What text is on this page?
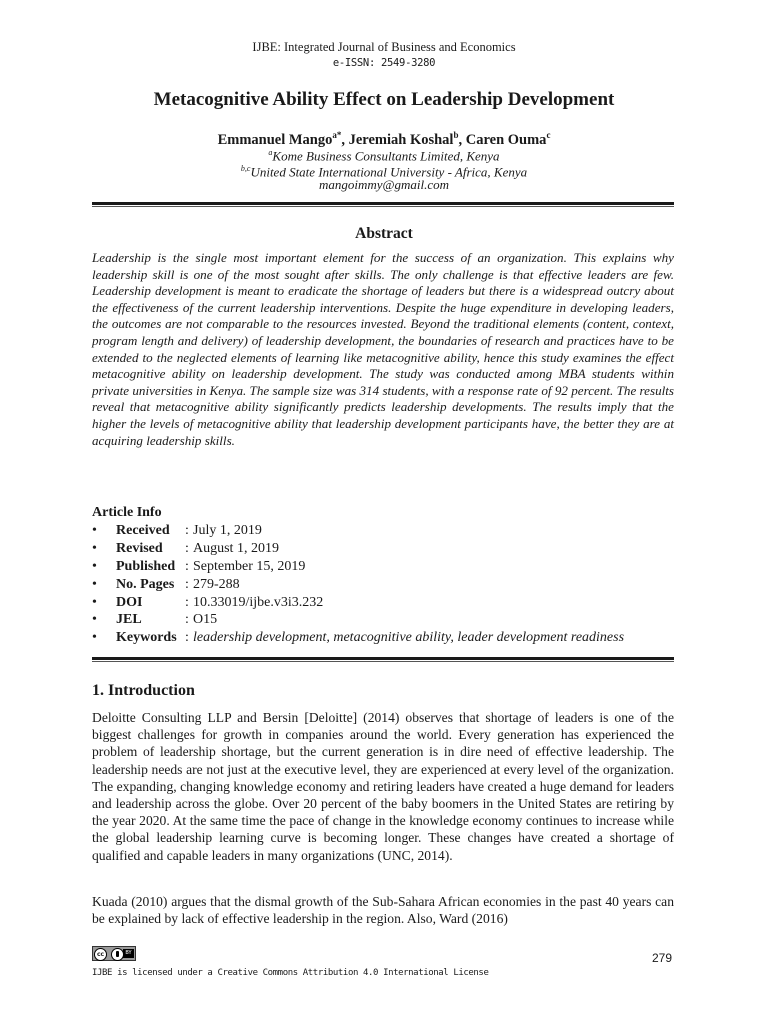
IJBE: Integrated Journal of Business and Economics
e-ISSN: 2549-3280
Metacognitive Ability Effect on Leadership Development
Emmanuel Mango$^{a*}$, Jeremiah Koshal$^b$, Caren Ouma$^c$
$^a$Kome Business Consultants Limited, Kenya
$^{b,c}$United State International University - Africa, Kenya
mangoimmy@gmail.com
Abstract

Leadership is the single most important element for the success of an organization. This explains why leadership skill is one of the most sought after skills. The only challenge is that effective leaders are few. Leadership development is meant to eradicate the shortage of leaders but there is a widespread outcry about the effectiveness of the current leadership interventions. Despite the huge expenditure in developing leaders, the outcomes are not comparable to the resources invested. Beyond the traditional elements (content, context, program length and delivery) of leadership development, the boundaries of research and practices have to be extended to the neglected elements of learning like metacognitive ability, hence this study examines the effect metacognitive ability on leadership development. The study was conducted among MBA students within private universities in Kenya. The sample size was 314 students, with a response rate of 92 percent. The results reveal that metacognitive ability significantly predicts leadership developments. The results imply that the higher the levels of metacognitive ability that leadership development participants have, the better they are at acquiring leadership skills.

Article Info
• Received : July 1, 2019
• Revised : August 1, 2019
• Published : September 15, 2019
• No. Pages : 279-288
• DOI	: 10.33019/ijbe.v3i3.232
• JEL	: O15
• Keywords : leadership development, metacognitive ability, leader development readiness
1. Introduction

Deloitte Consulting LLP and Bersin [Deloitte] (2014) observes that shortage of leaders is one of the biggest challenges for growth in companies around the world. Every generation has experienced the problem of leadership shortage, but the current generation is in dire need of effective leadership. The leadership needs are not just at the executive level, they are experienced at every level of the organization. The expanding, changing knowledge economy and retiring leaders have created a huge demand for leaders and leadership across the globe. Over 20 percent of the baby boomers in the United States are retiring by the year 2020. At the same time the pace of change in the knowledge economy continues to increase while the global leadership learning curve is becoming longer. These changes have created a shortage of qualified and capable leaders in many organizations (UNC, 2014).

Kuada (2010) argues that the dismal growth of the Sub-Sahara African economies in the past 40 years can be explained by lack of effective leadership in the region. Also, Ward (2016)

cc	BY
IJBE is licensed under a Creative Commons Attribution 4.0 International License
279
